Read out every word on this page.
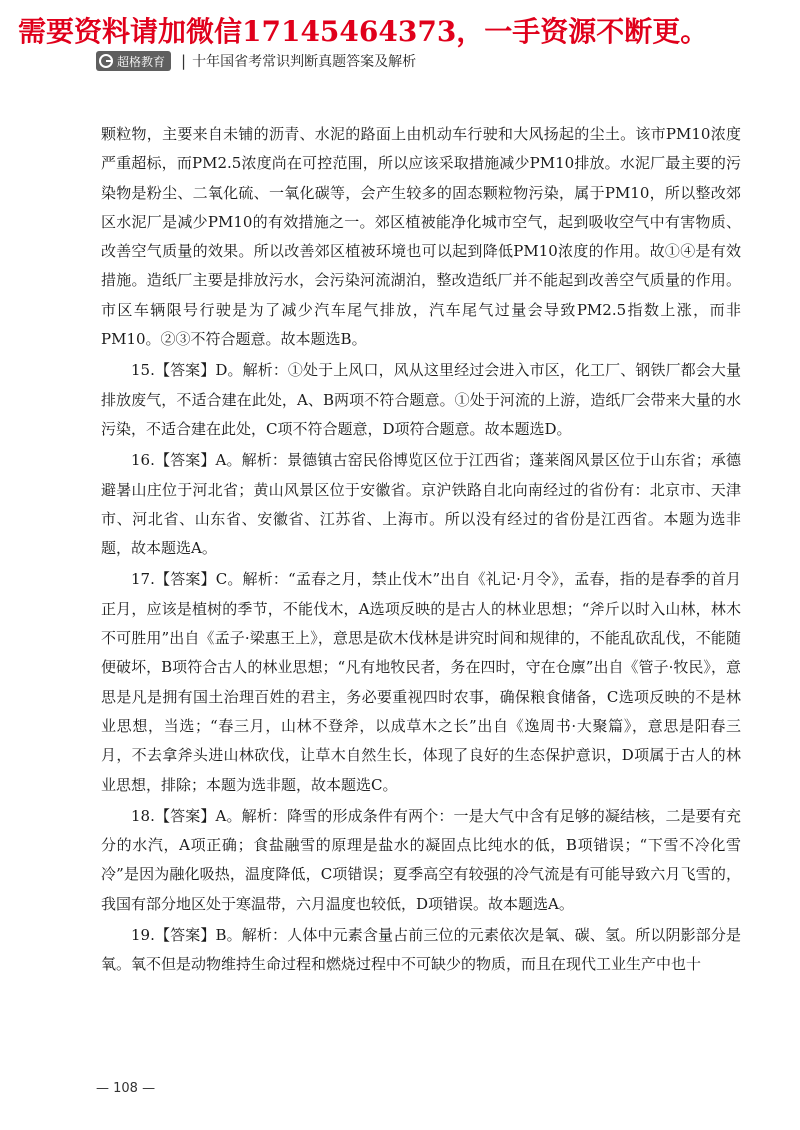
需要资料请加微信17145464373，一手资源不断更。
超格教育 | 十年国省考常识判断真题答案及解析

颗粒物，主要来自未铺的沥青、水泥的路面上由机动车行驶和大风扬起的尘土。该市PM10浓度严重超标，而PM2.5浓度尚在可控范围，所以应该采取措施减少PM10排放。水泥厂最主要的污染物是粉尘、二氧化硫、一氧化碳等，会产生较多的固态颗粒物污染，属于PM10，所以整改郊区水泥厂是减少PM10的有效措施之一。郊区植被能净化城市空气，起到吸收空气中有害物质、改善空气质量的效果。所以改善郊区植被环境也可以起到降低PM10浓度的作用。故①④是有效措施。造纸厂主要是排放污水，会污染河流湖泊，整改造纸厂并不能起到改善空气质量的作用。市区车辆限号行驶是为了减少汽车尾气排放，汽车尾气过量会导致PM2.5指数上涨，而非PM10。②③不符合题意。故本题选B。

15.【答案】D。解析：①处于上风口，风从这里经过会进入市区，化工厂、钢铁厂都会大量排放废气，不适合建在此处，A、B两项不符合题意。①处于河流的上游，造纸厂会带来大量的水污染，不适合建在此处，C项不符合题意，D项符合题意。故本题选D。

16.【答案】A。解析：景德镇古窑民俗博览区位于江西省；蓬莱阁风景区位于山东省；承德避暑山庄位于河北省；黄山风景区位于安徽省。京沪铁路自北向南经过的省份有：北京市、天津市、河北省、山东省、安徽省、江苏省、上海市。所以没有经过的省份是江西省。本题为选非题，故本题选A。

17.【答案】C。解析：“孟春之月，禁止伐木”出自《礼记·月令》，孟春，指的是春季的首月正月，应该是植树的季节，不能伐木，A选项反映的是古人的林业思想；“斧斤以时入山林，林木不可胜用”出自《孟子·梁惠王上》，意思是砍木伐林是讲究时间和规律的，不能乱砍乱伐，不能随便破坏，B项符合古人的林业思想；“凡有地牧民者，务在四时，守在仓廪”出自《管子·牧民》，意思是凡是拥有国土治理百姓的君主，务必要重视四时农事，确保粮食储备，C选项反映的不是林业思想，当选；“春三月，山林不登斧，以成草木之长”出自《逸周书·大聚篇》，意思是阳春三月，不去拿斧头进山林砍伐，让草木自然生长，体现了良好的生态保护意识，D项属于古人的林业思想，排除；本题为选非题，故本题选C。

18.【答案】A。解析：降雪的形成条件有两个：一是大气中含有足够的凝结核，二是要有充分的水汽，A项正确；食盐融雪的原理是盐水的凝固点比纯水的低，B项错误；“下雪不冷化雪冷”是因为融化吸热，温度降低，C项错误；夏季高空有较强的冷气流是有可能导致六月飞雪的，我国有部分地区处于寒温带，六月温度也较低，D项错误。故本题选A。

19.【答案】B。解析：人体中元素含量占前三位的元素依次是氧、碳、氢。所以阴影部分是氧。氧不但是动物维持生命过程和燃烧过程中不可缺少的物质，而且在现代工业生产中也十

— 108 —
